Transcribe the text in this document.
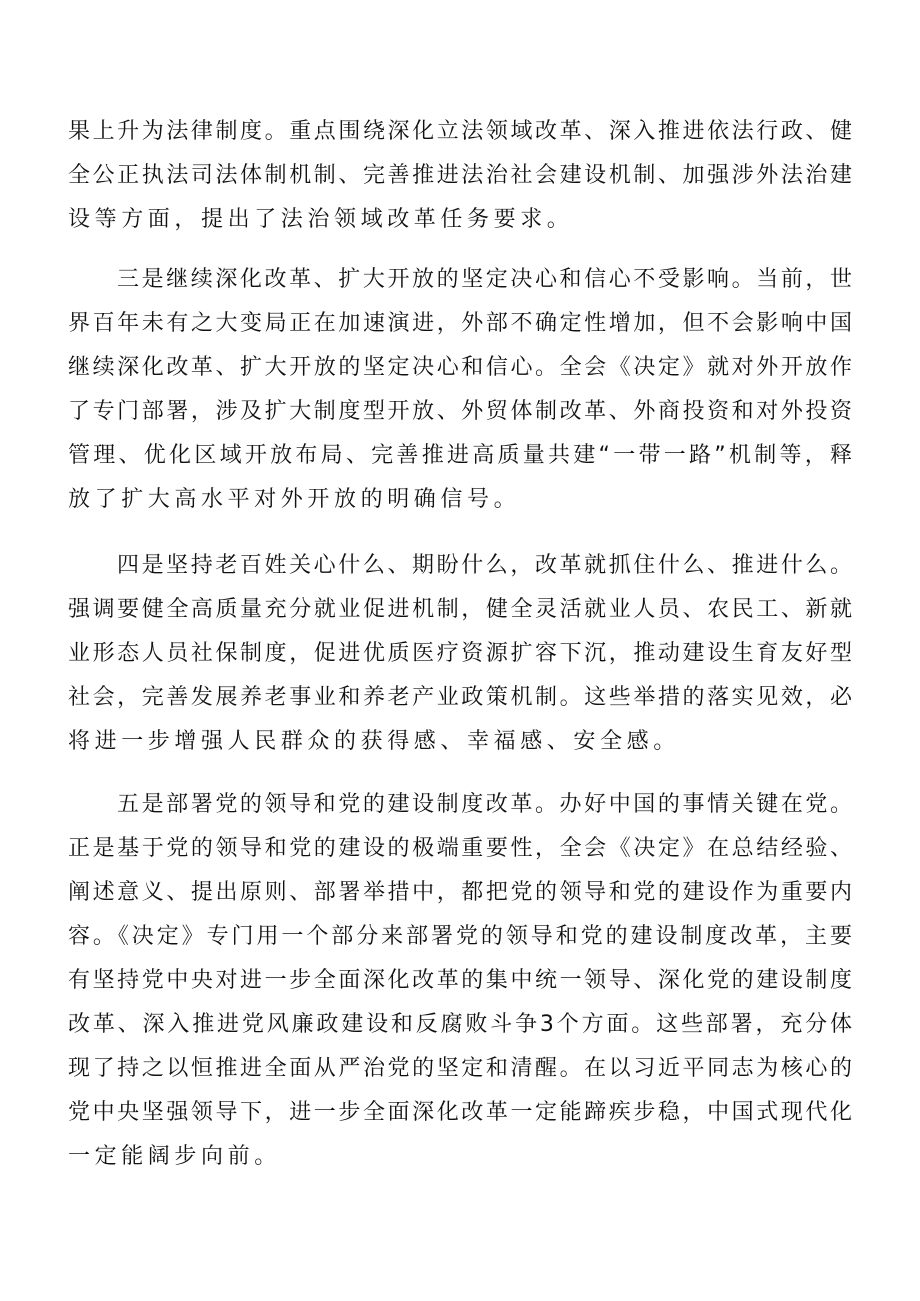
果上升为法律制度。重点围绕深化立法领域改革、深入推进依法行政、健

全公正执法司法体制机制、完善推进法治社会建设机制、加强涉外法治建

设等方面，提出了法治领域改革任务要求。

三是继续深化改革、扩大开放的坚定决心和信心不受影响。当前，世

界百年未有之大变局正在加速演进，外部不确定性增加，但不会影响中国

继续深化改革、扩大开放的坚定决心和信心。全会《决定》就对外开放作

了专门部署，涉及扩大制度型开放、外贸体制改革、外商投资和对外投资

管理、优化区域开放布局、完善推进高质量共建“一带一路”机制等，释

放了扩大高水平对外开放的明确信号。

四是坚持老百姓关心什么、期盼什么，改革就抓住什么、推进什么。

强调要健全高质量充分就业促进机制，健全灵活就业人员、农民工、新就

业形态人员社保制度，促进优质医疗资源扩容下沉，推动建设生育友好型

社会，完善发展养老事业和养老产业政策机制。这些举措的落实见效，必

将进一步增强人民群众的获得感、幸福感、安全感。

五是部署党的领导和党的建设制度改革。办好中国的事情关键在党。

正是基于党的领导和党的建设的极端重要性，全会《决定》在总结经验、

阐述意义、提出原则、部署举措中，都把党的领导和党的建设作为重要内

容。《决定》专门用一个部分来部署党的领导和党的建设制度改革，主要

有坚持党中央对进一步全面深化改革的集中统一领导、深化党的建设制度

改革、深入推进党风廉政建设和反腐败斗争3个方面。这些部署，充分体

现了持之以恒推进全面从严治党的坚定和清醒。在以习近平同志为核心的

党中央坚强领导下，进一步全面深化改革一定能蹄疾步稳，中国式现代化

一定能阔步向前。
